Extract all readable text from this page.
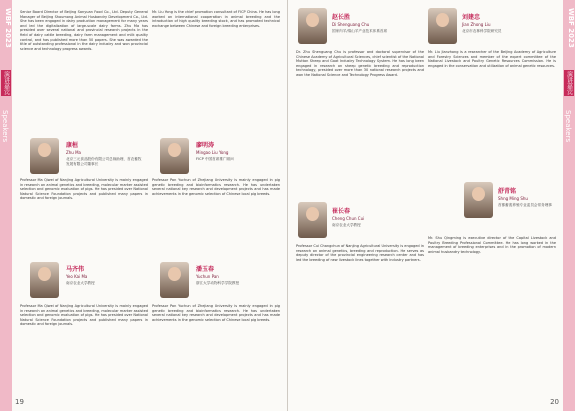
WBF 2023
演讲嘉宾
Speakers
Senior Board Director of Beijing Sanyuan Food Co., Ltd. Deputy General Manager of Beijing Shoumong Animal Husbandry Development Co., Ltd. She has been engaged in dairy production management for many years and led the digitalization of large-scale dairy farms. Zhu Ma has presided over several national and provincial research projects in the field of dairy cattle breeding, dairy farm management and milk quality control, and has published more than 50 papers. She was awarded the title of outstanding professional in the dairy industry and won provincial science and technology progress awards.
Mr. Liu Yong is the chief promotion consultant of FICP China. He has long worked on international cooperation in animal breeding and the introduction of high quality breeding stock, and has promoted technical exchange between Chinese and foreign breeding enterprises.
康桓
Zhu Ma
北京三元食品股份有限公司总裁助理、首农畜牧发展有限公司董事长
廖明涛
Mingao Liu Yong
FICP 中国首席推广顾问
Professor Ma Qiwei of Nanjing Agricultural University is mainly engaged in research on animal genetics and breeding, molecular marker assisted selection and genomic evaluation of pigs. He has presided over National Natural Science Foundation projects and published many papers in domestic and foreign journals.
Professor Pan Yuchun of Zhejiang University is mainly engaged in pig genetic breeding and bioinformatics research. He has undertaken several national key research and development projects and has made achievements in the genomic selection of Chinese local pig breeds.
马齐伟
Yeo Kai Ma
南京农业大学教授
潘玉春
Yuchun Pan
浙江大学动物科学学院教授
Professor Ma Qiwei of Nanjing Agricultural University is mainly engaged in research on animal genetics and breeding, molecular marker assisted selection and genomic evaluation of pigs. He has presided over National Natural Science Foundation projects and published many papers in domestic and foreign journals.
Professor Pan Yuchun of Zhejiang University is mainly engaged in pig genetic breeding and bioinformatics research. He has undertaken several national key research and development projects and has made achievements in the genomic selection of Chinese local pig breeds.
19
WBF 2023
演讲嘉宾
Speakers
赵长胜
Di Shenguang Chu
国家肉羊/绵山羊产业技术体系首席
刘建忠
Jian Zhong Liu
北京市农林科学院研究员
Dr. Zhu Shenguang Chu is professor and doctoral supervisor of the Chinese Academy of Agricultural Sciences, chief scientist of the National Mutton Sheep and Goat Industry Technology System. He has long been engaged in research on sheep genetic breeding and reproduction technology, presided over more than 30 national research projects and won the National Science and Technology Progress Award.
Mr. Liu Jianzhong is a researcher of the Beijing Academy of Agriculture and Forestry Sciences and member of the expert committee of the National Livestock and Poultry Genetic Resources Commission. He is engaged in the conservation and utilization of animal genetic resources.
舒青铭
Shng Ming Shu
首都畜禽养殖专业委员会常务理事
崔长春
Cheng Chun Cui
南京农业大学教授
Professor Cui Changchun of Nanjing Agricultural University is engaged in research on animal genetics, breeding and reproduction. He serves as deputy director of the provincial engineering research center and has led the breeding of new livestock lines together with industry partners.
Mr. Shu Qingming is executive director of the Capital Livestock and Poultry Breeding Professional Committee. He has long worked in the management of breeding enterprises and in the promotion of modern animal husbandry technology.
20
